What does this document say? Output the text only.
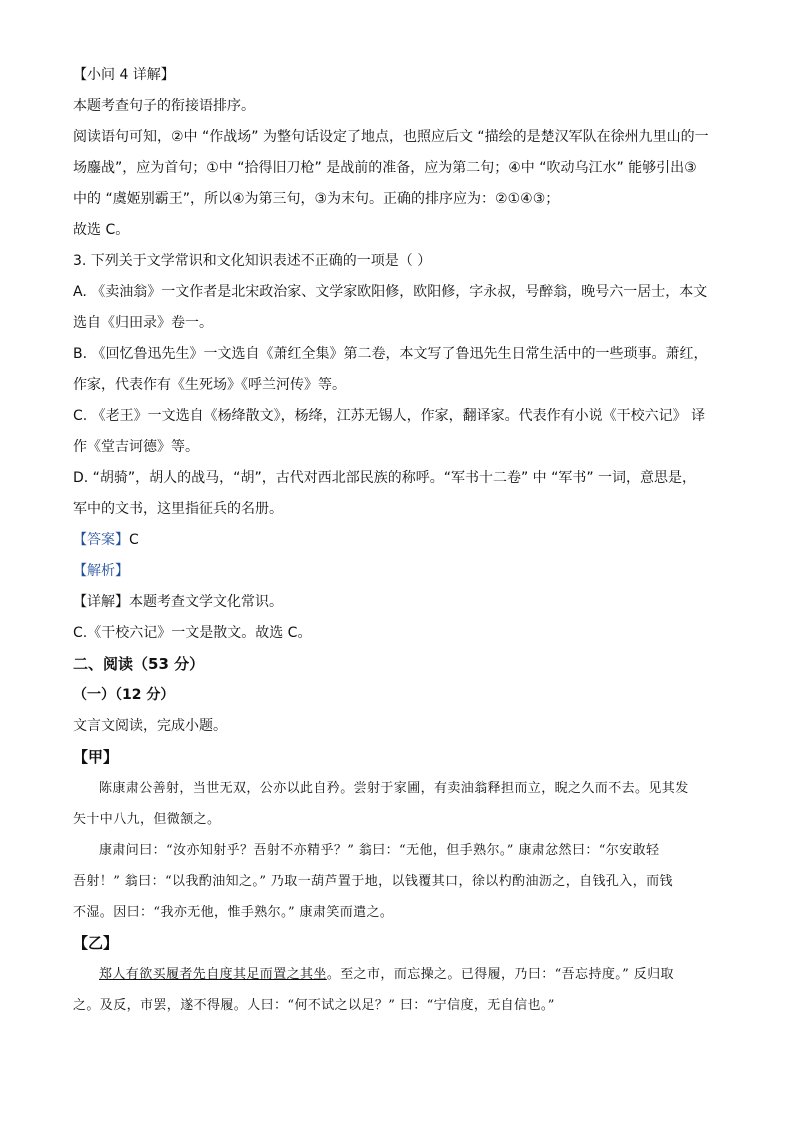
【小问 4 详解】
本题考查句子的衔接语排序。
阅读语句可知，②中 “作战场” 为整句话设定了地点，也照应后文 “描绘的是楚汉军队在徐州九里山的一
场鏖战”，应为首句；①中 “拾得旧刀枪” 是战前的准备，应为第二句；④中 “吹动乌江水” 能够引出③
中的 “虞姬别霸王”，所以④为第三句，③为末句。正确的排序应为：②①④③；
故选 C。
3. 下列关于文学常识和文化知识表述不正确的一项是（ ）
A. 《卖油翁》一文作者是北宋政治家、文学家欧阳修，欧阳修，字永叔，号醉翁，晚号六一居士，本文
选自《归田录》卷一。
B. 《回忆鲁迅先生》一文选自《萧红全集》第二卷，本文写了鲁迅先生日常生活中的一些琐事。萧红，
作家，代表作有《生死场》《呼兰河传》等。
C. 《老王》一文选自《杨绛散文》，杨绛，江苏无锡人，作家，翻译家。代表作有小说《干校六记》 译
作《堂吉诃德》等。
D. “胡骑”，胡人的战马，“胡”，古代对西北部民族的称呼。“军书十二卷” 中 “军书” 一词，意思是，
军中的文书，这里指征兵的名册。
【答案】C
【解析】
【详解】本题考查文学文化常识。
C.《干校六记》一文是散文。故选 C。
二、阅读（53 分）
（一）（12 分）
文言文阅读，完成小题。
【甲】
陈康肃公善射，当世无双，公亦以此自矜。尝射于家圃，有卖油翁释担而立，睨之久而不去。见其发
矢十中八九，但微颔之。
康肃问曰：“汝亦知射乎？吾射不亦精乎？” 翁曰：“无他，但手熟尔。” 康肃忿然曰：“尔安敢轻
吾射！” 翁曰：“以我酌油知之。” 乃取一葫芦置于地，以钱覆其口，徐以杓酌油沥之，自钱孔入，而钱
不湿。因曰：“我亦无他，惟手熟尔。” 康肃笑而遣之。
【乙】
郑人有欲买履者先自度其足而置之其坐。至之市，而忘操之。已得履，乃曰：“吾忘持度。” 反归取
之。及反，市罢，遂不得履。人曰：“何不试之以足？” 曰：“宁信度，无自信也。”
